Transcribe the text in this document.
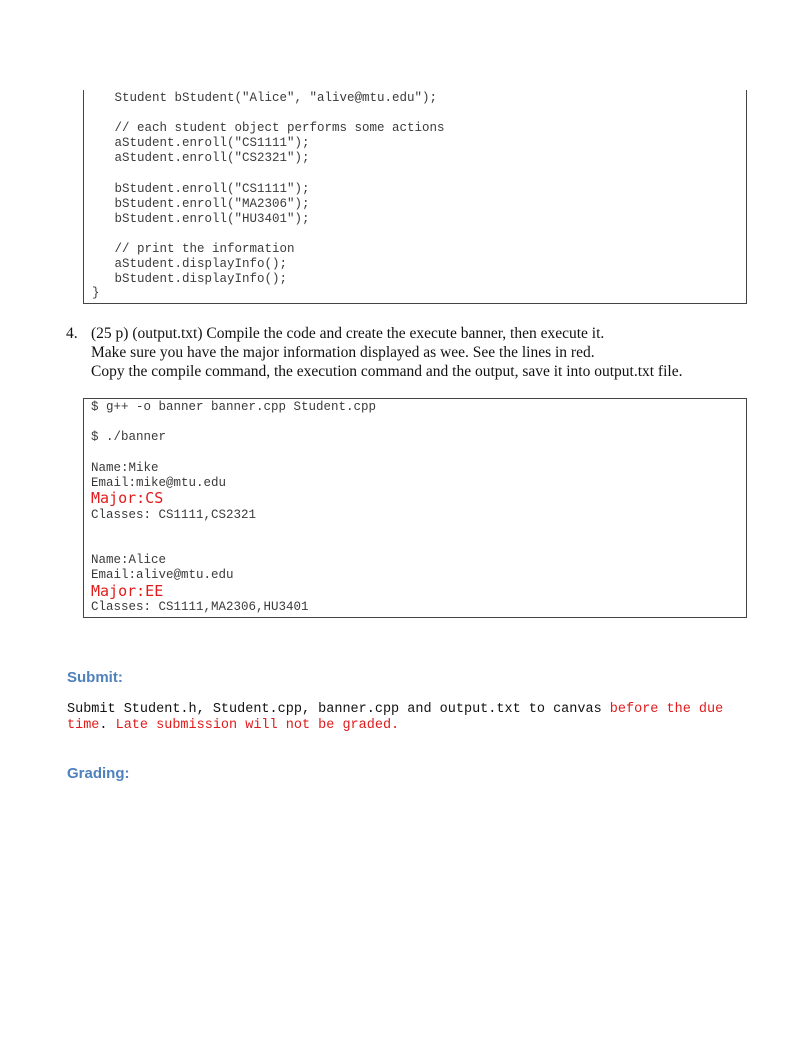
Student bStudent("Alice", "alive@mtu.edu");
// each student object performs some actions
aStudent.enroll("CS1111");
aStudent.enroll("CS2321");
bStudent.enroll("CS1111");
bStudent.enroll("MA2306");
bStudent.enroll("HU3401");
// print the information
aStudent.displayInfo();
bStudent.displayInfo();
}
4. (25 p) (output.txt) Compile the code and create the execute banner, then execute it.
Make sure you have the major information displayed as wee. See the lines in red.
Copy the compile command, the execution command and the output, save it into output.txt file.
$ g++ -o banner banner.cpp Student.cpp
$ ./banner
Name:Mike
Email:mike@mtu.edu
Major:CS
Classes: CS1111,CS2321
Name:Alice
Email:alive@mtu.edu
Major:EE
Classes: CS1111,MA2306,HU3401
Submit:
Submit Student.h, Student.cpp, banner.cpp and output.txt to canvas before the due time. Late submission will not be graded.
Grading:
